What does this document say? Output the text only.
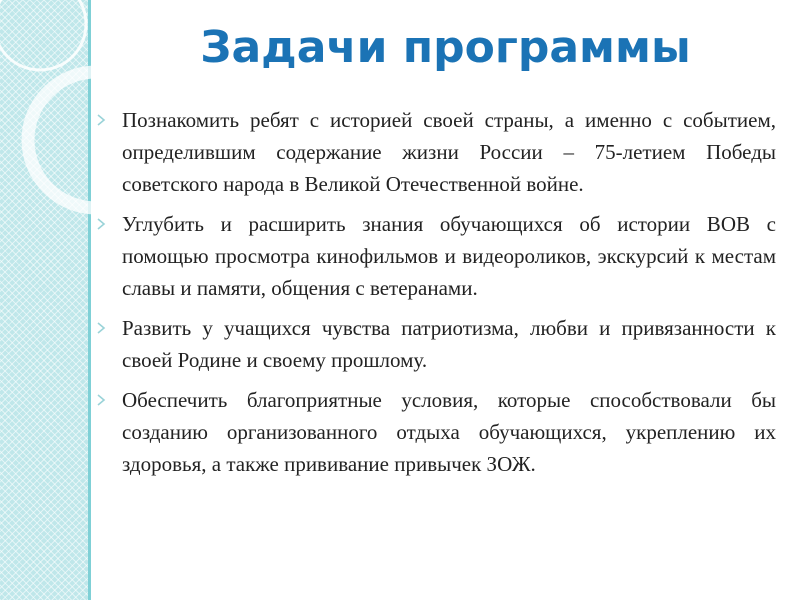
Задачи программы
Познакомить ребят с историей своей страны, а именно с событием, определившим содержание жизни России – 75-летием Победы советского народа в Великой Отечественной войне.
Углубить и расширить знания обучающихся об истории ВОВ с помощью просмотра кинофильмов и видеороликов, экскурсий к местам славы и памяти, общения с ветеранами.
Развить у учащихся чувства патриотизма, любви и привязанности к своей Родине и своему прошлому.
Обеспечить благоприятные условия, которые способствовали бы созданию организованного отдыха обучающихся, укреплению их здоровья, а также прививание привычек ЗОЖ.
